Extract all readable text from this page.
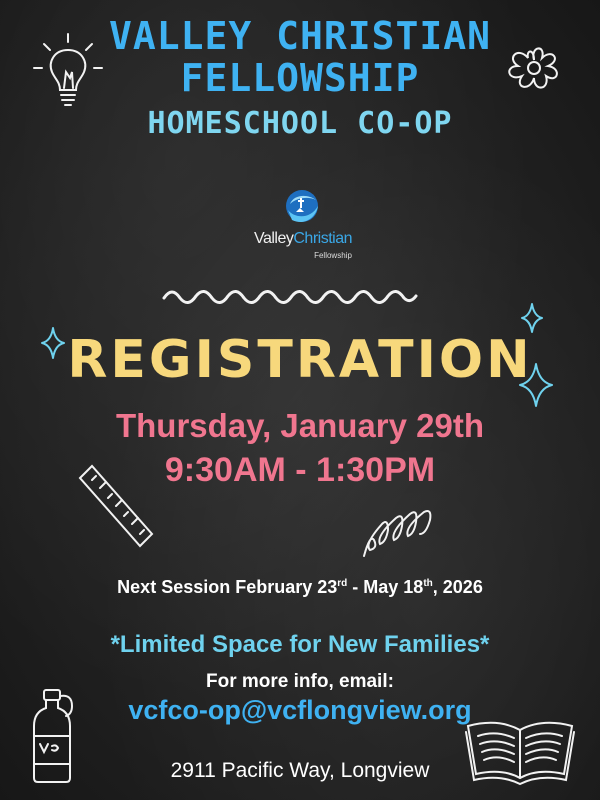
VALLEY CHRISTIAN
FELLOWSHIP
HOMESCHOOL CO-OP
ValleyChristian
Fellowship
REGISTRATION
Thursday, January 29th
9:30AM - 1:30PM
Next Session February 23rd - May 18th, 2026
*Limited Space for New Families*
For more info, email:
vcfco-op@vcflongview.org
2911 Pacific Way, Longview
